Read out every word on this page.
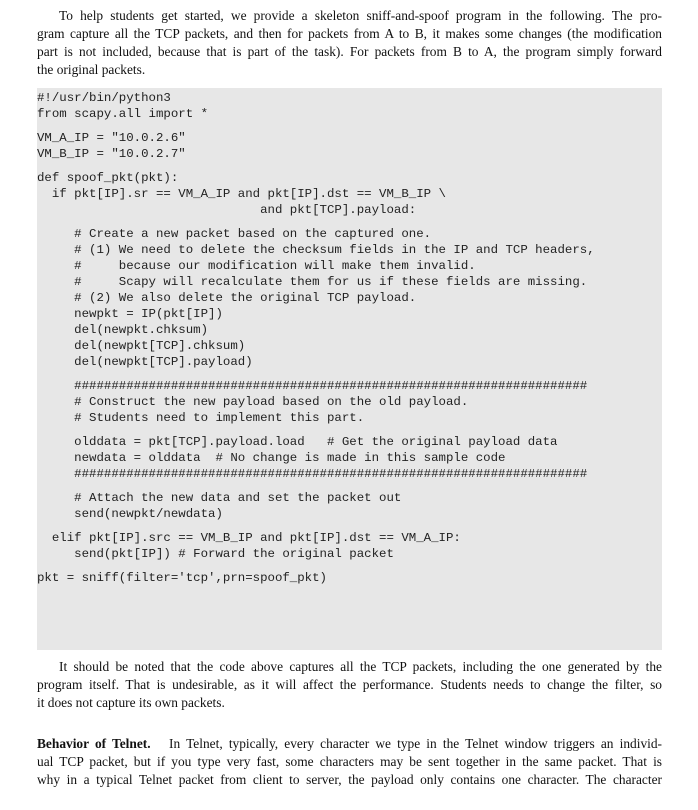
To help students get started, we provide a skeleton sniff-and-spoof program in the following. The pro-
gram capture all the TCP packets, and then for packets from A to B, it makes some changes (the modification
part is not included, because that is part of the task). For packets from B to A, the program simply forward
the original packets.
#!/usr/bin/python3
from scapy.all import *
VM_A_IP = "10.0.2.6"
VM_B_IP = "10.0.2.7"
def spoof_pkt(pkt):
if pkt[IP].sr == VM_A_IP and pkt[IP].dst == VM_B_IP \
and pkt[TCP].payload:
# Create a new packet based on the captured one.
# (1) We need to delete the checksum fields in the IP and TCP headers,
#     because our modification will make them invalid.
#     Scapy will recalculate them for us if these fields are missing.
# (2) We also delete the original TCP payload.
newpkt = IP(pkt[IP])
del(newpkt.chksum)
del(newpkt[TCP].chksum)
del(newpkt[TCP].payload)
#####################################################################
# Construct the new payload based on the old payload.
# Students need to implement this part.
olddata = pkt[TCP].payload.load   # Get the original payload data
newdata = olddata  # No change is made in this sample code
#####################################################################
# Attach the new data and set the packet out
send(newpkt/newdata)
elif pkt[IP].src == VM_B_IP and pkt[IP].dst == VM_A_IP:
send(pkt[IP]) # Forward the original packet
pkt = sniff(filter='tcp',prn=spoof_pkt)
It should be noted that the code above captures all the TCP packets, including the one generated by the
program itself. That is undesirable, as it will affect the performance. Students needs to change the filter, so
it does not capture its own packets.
Behavior of Telnet. In Telnet, typically, every character we type in the Telnet window triggers an individ-
ual TCP packet, but if you type very fast, some characters may be sent together in the same packet. That is
why in a typical Telnet packet from client to server, the payload only contains one character. The character
